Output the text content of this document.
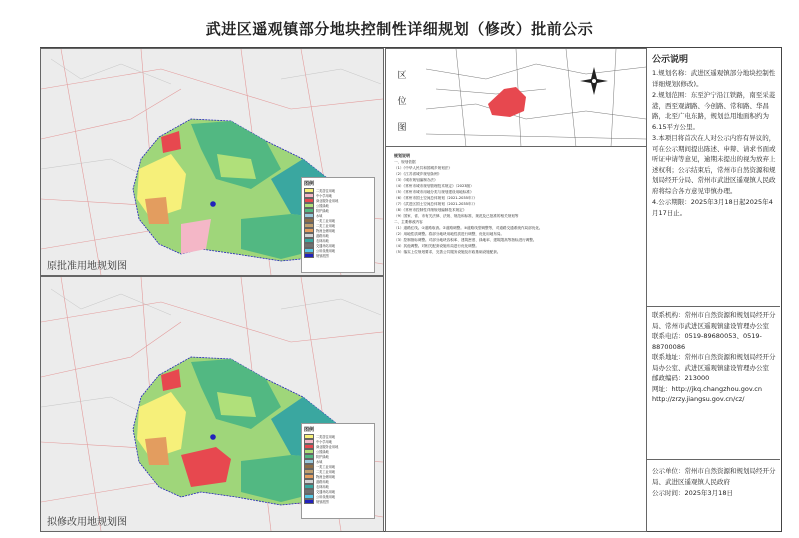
武进区遥观镇部分地块控制性详细规划（修改）批前公示
图例
二类居住用地
中小学用地
商业服务业用地
公园绿地
防护绿地
水域
一类工业用地
二类工业用地
物流仓储用地
道路用地
农林用地
交通场站用地
公用设施用地
规划范围
原批准用地规划图
图例
二类居住用地
中小学用地
商业服务业用地
公园绿地
防护绿地
水域
一类工业用地
二类工业用地
物流仓储用地
道路用地
农林用地
交通场站用地
公用设施用地
规划范围
拟修改用地规划图
区位图

规划说明

一、规划依据

（1）《中华人民共和国城乡规划法》

（2）《江苏省城乡规划条例》

（3）《城市规划编制办法》

（4）《常州市城市规划管理技术规定》（2023版）

（5）《常州市城市用地分类与规划建设用地标准》

（6）《常州市国土空间总体规划（2021-2035年）》

（7）《武进区国土空间总体规划（2021-2035年）》

（8）《常州市控制性详细规划编制技术规定》

（9）国家、省、市有关法律、法规、规范和标准，规范及已批准的相关规划等

二、主要修改内容

（1）道路红线。①道路取消。②道路调整。③道路线型调整等，对道路交通系统作局部优化。

（2）用地性质调整。将部分地块用地性质进行调整，优化用地布局。

（3）控制指标调整。对部分地块容积率、建筑密度、绿地率、建筑限高等指标进行调整。

（4）其他调整。对相关配套设施布局进行优化调整。

（5）落实上位规划要求，完善公共服务设施及市政基础设施配套。

公示说明

1.规划名称：武进区遥观镇部分地块控制性详细规划(修改)。

2.规划范围：东至沪宁沿江铁路，南至采菱港，西至观湖路、今创路、常和路、华昌路，北至广电东路，规划总用地面积约为6.15平方公里。

3.本项目将首次在人对公示内容有异议的，可在公示期间提出陈述、申辩、请求书面或听证申请等意见，逾期未提出的视为放弃上述权利；公示结束后，常州市自然资源和规划局经开分局、常州市武进区遥观镇人民政府将综合各方意见审慎办理。

4.公示期限：2025年3月18日起2025年4月17日止。

联系机构：常州市自然资源和规划局经开分局、常州市武进区遥观镇建设管理办公室

联系电话：0519-89680053、0519-88700086

联系地址：常州市自然资源和规划局经开分局办公室、武进区遥观镇建设管理办公室

邮政编码：213000

网址：http://jkq.changzhou.gov.cn

http://zrzy.jiangsu.gov.cn/cz/

公示单位：常州市自然资源和规划局经开分局、武进区遥观镇人民政府

公示时间：2025年3月18日
